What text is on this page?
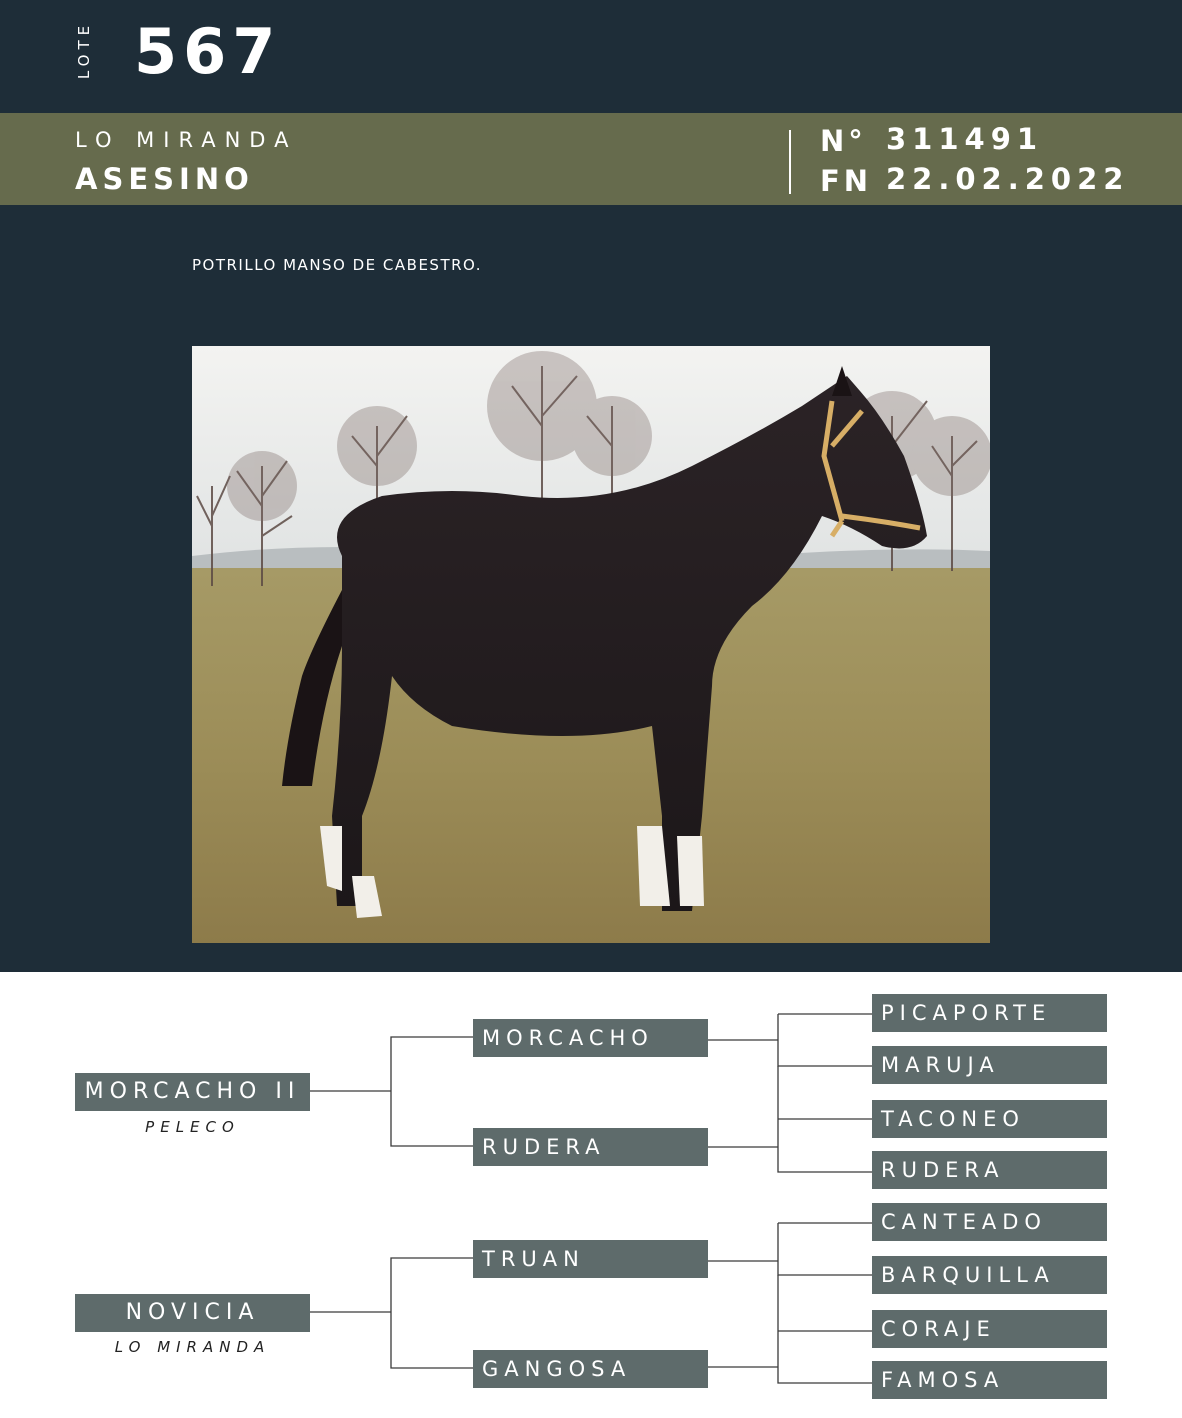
LOTE 567
LO MIRANDA
ASESINO
N° 311491
FN 22.02.2022
POTRILLO MANSO DE CABESTRO.
MORCACHO II
PELECO
NOVICIA
LO MIRANDA
MORCACHO
RUDERA
TRUAN
GANGOSA
PICAPORTE
MARUJA
TACONEO
RUDERA
CANTEADO
BARQUILLA
CORAJE
FAMOSA
